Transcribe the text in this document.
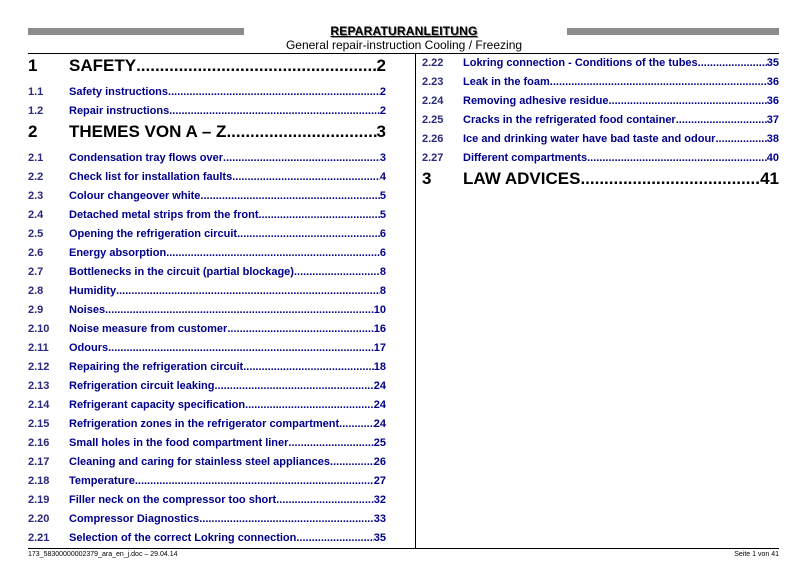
REPARATURANLEITUNG
General repair-instruction Cooling / Freezing
1	SAFETY .....	2
1.1	Safety instructions .....	2
1.2	Repair instructions .....	2
2	THEMES VON A – Z .....	3
2.1	Condensation tray flows over .....	3
2.2	Check list for installation faults .....	4
2.3	Colour changeover white .....	5
2.4	Detached metal strips from the front .....	5
2.5	Opening the refrigeration circuit .....	6
2.6	Energy absorption .....	6
2.7	Bottlenecks in the circuit (partial blockage) .....	8
2.8	Humidity .....	8
2.9	Noises .....	10
2.10	Noise measure from customer .....	16
2.11	Odours .....	17
2.12	Repairing the refrigeration circuit .....	18
2.13	Refrigeration circuit leaking .....	24
2.14	Refrigerant capacity specification .....	24
2.15	Refrigeration zones in the refrigerator compartment .....	24
2.16	Small holes in the food compartment liner .....	25
2.17	Cleaning and caring for stainless steel appliances .....	26
2.18	Temperature .....	27
2.19	Filler neck on the compressor too short .....	32
2.20	Compressor Diagnostics .....	33
2.21	Selection of the correct Lokring connection .....	35
2.22	Lokring connection - Conditions of the tubes .....	35
2.23	Leak in the foam .....	36
2.24	Removing adhesive residue .....	36
2.25	Cracks in the refrigerated food container .....	37
2.26	Ice and drinking water have bad taste and odour .....	38
2.27	Different compartments .....	40
3	LAW ADVICES .....	41
173_58300000002379_ara_en_j.doc – 29.04.14	Seite 1 von 41
